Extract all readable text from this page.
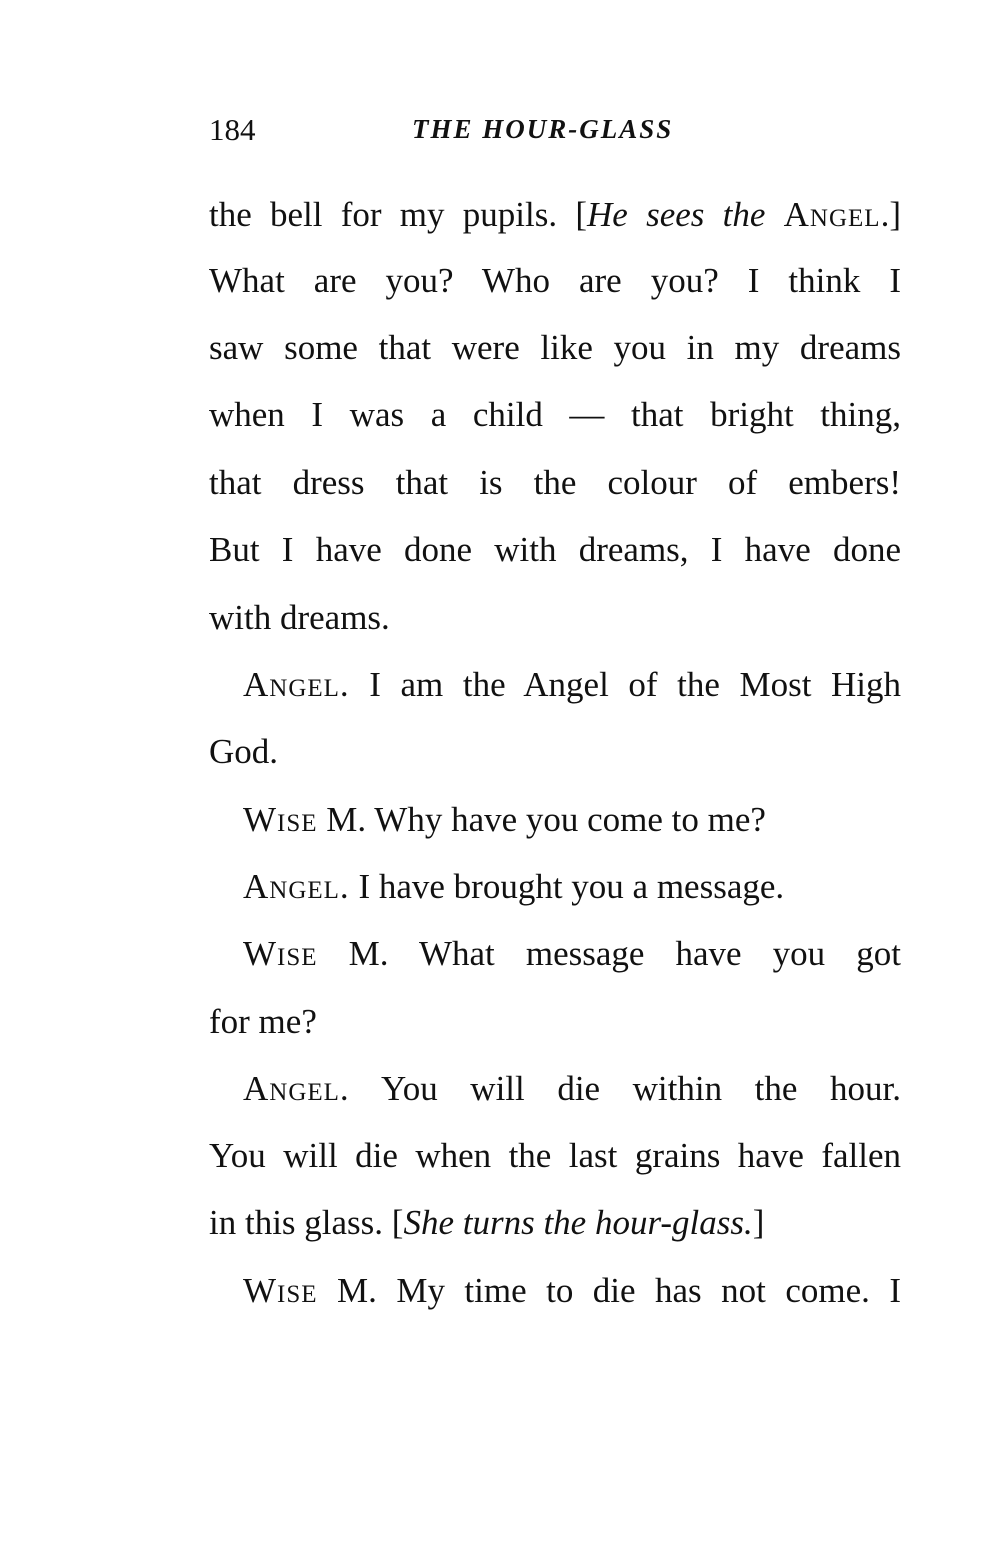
184	THE HOUR-GLASS
the bell for my pupils. [He sees the Angel.]
What are you? Who are you? I think I
saw some that were like you in my dreams
when I was a child — that bright thing,
that dress that is the colour of embers!
But I have done with dreams, I have done
with dreams.
Angel. I am the Angel of the Most High
God.
Wise M. Why have you come to me?
Angel. I have brought you a message.
Wise M. What message have you got
for me?
Angel. You will die within the hour.
You will die when the last grains have fallen
in this glass. [She turns the hour-glass.]
Wise M. My time to die has not come. I
